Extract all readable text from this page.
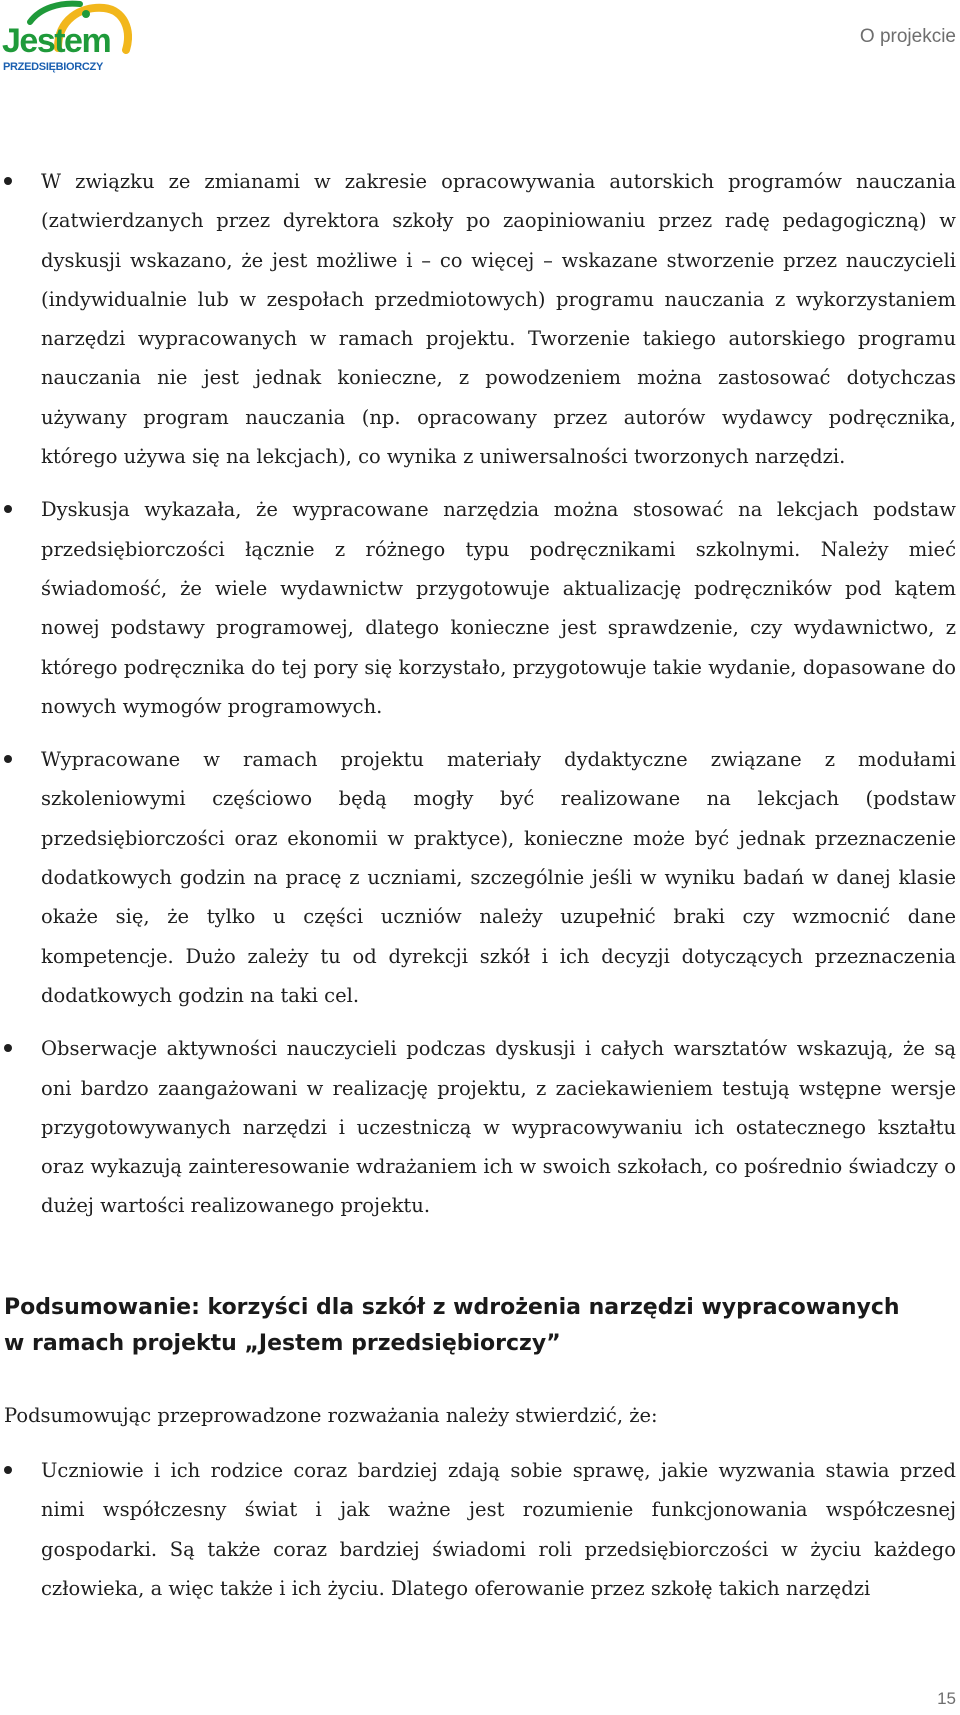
Jestem
PRZEDSIĘBIORCZY
O projekcie
W związku ze zmianami w zakresie opracowywania autorskich programów nauczania (zatwierdzanych przez dyrektora szkoły po zaopiniowaniu przez radę pedagogiczną) w dyskusji wskazano, że jest możliwe i – co więcej – wskazane stworzenie przez nauczycieli (indywidualnie lub w zespołach przedmiotowych) programu nauczania z wykorzystaniem narzędzi wypracowanych w ramach projektu. Tworzenie takiego autorskiego programu nauczania nie jest jednak konieczne, z powodzeniem można zastosować dotychczas używany program nauczania (np. opracowany przez autorów wydawcy podręcznika, którego używa się na lekcjach), co wynika z uniwersalności tworzonych narzędzi.
Dyskusja wykazała, że wypracowane narzędzia można stosować na lekcjach podstaw przedsiębiorczości łącznie z różnego typu podręcznikami szkolnymi. Należy mieć świadomość, że wiele wydawnictw przygotowuje aktualizację podręczników pod kątem nowej podstawy programowej, dlatego konieczne jest sprawdzenie, czy wydawnictwo, z którego podręcznika do tej pory się korzystało, przygotowuje takie wydanie, dopasowane do nowych wymogów programowych.
Wypracowane w ramach projektu materiały dydaktyczne związane z modułami szkoleniowymi częściowo będą mogły być realizowane na lekcjach (podstaw przedsiębiorczości oraz ekonomii w praktyce), konieczne może być jednak przeznaczenie dodatkowych godzin na pracę z uczniami, szczególnie jeśli w wyniku badań w danej klasie okaże się, że tylko u części uczniów należy uzupełnić braki czy wzmocnić dane kompetencje. Dużo zależy tu od dyrekcji szkół i ich decyzji dotyczących przeznaczenia dodatkowych godzin na taki cel.
Obserwacje aktywności nauczycieli podczas dyskusji i całych warsztatów wskazują, że są oni bardzo zaangażowani w realizację projektu, z zaciekawieniem testują wstępne wersje przygotowywanych narzędzi i uczestniczą w wypracowywaniu ich ostatecznego kształtu oraz wykazują zainteresowanie wdrażaniem ich w swoich szkołach, co pośrednio świadczy o dużej wartości realizowanego projektu.
Podsumowanie: korzyści dla szkół z wdrożenia narzędzi wypracowanych
w ramach projektu „Jestem przedsiębiorczy”

Podsumowując przeprowadzone rozważania należy stwierdzić, że:

Uczniowie i ich rodzice coraz bardziej zdają sobie sprawę, jakie wyzwania stawia przed nimi współczesny świat i jak ważne jest rozumienie funkcjonowania współczesnej gospodarki. Są także coraz bardziej świadomi roli przedsiębiorczości w życiu każdego człowieka, a więc także i ich życiu. Dlatego oferowanie przez szkołę takich narzędzi
15
